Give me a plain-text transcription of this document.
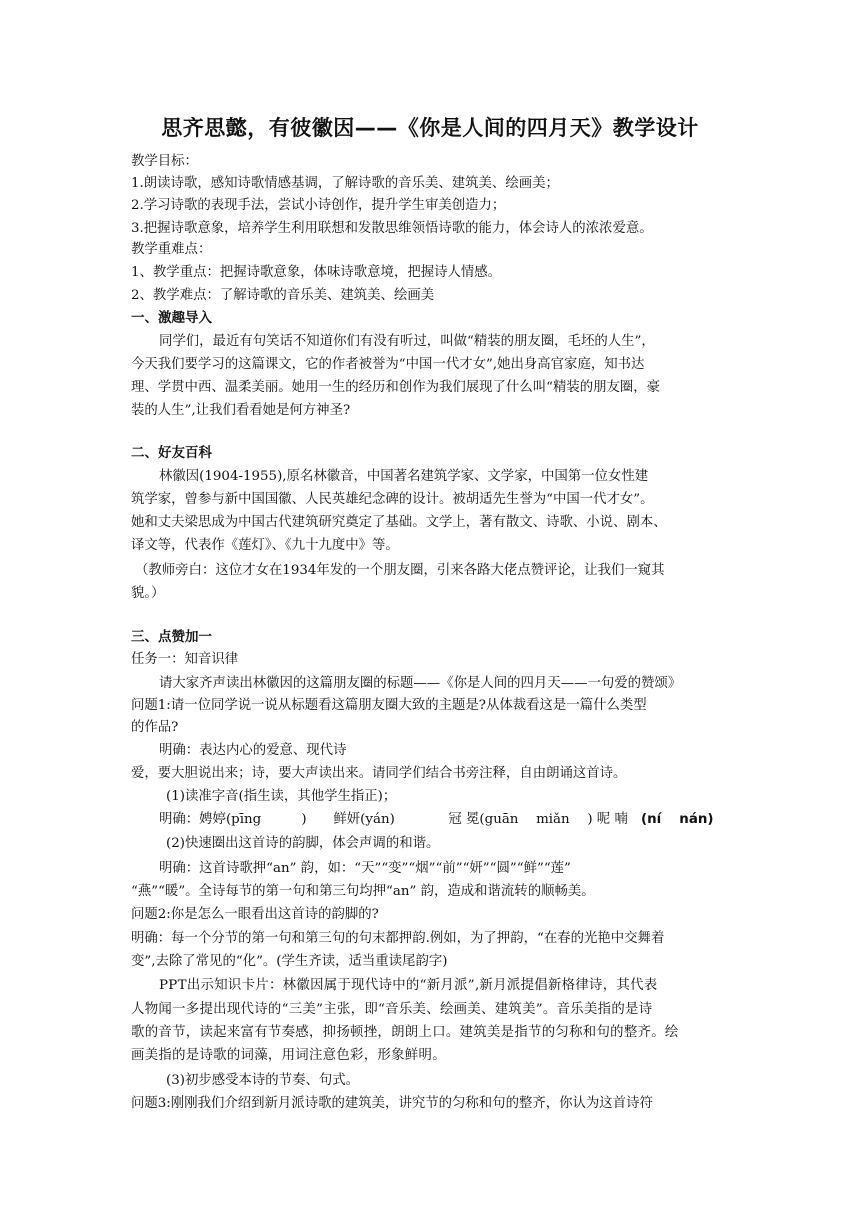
思齐思懿，有彼徽因——《你是人间的四月天》教学设计
教学目标：
1.朗读诗歌，感知诗歌情感基调，了解诗歌的音乐美、建筑美、绘画美；
2.学习诗歌的表现手法，尝试小诗创作，提升学生审美创造力；
3.把握诗歌意象，培养学生利用联想和发散思维领悟诗歌的能力，体会诗人的浓浓爱意。
教学重难点：
1、教学重点：把握诗歌意象，体味诗歌意境，把握诗人情感。
2、教学难点：了解诗歌的音乐美、建筑美、绘画美
一、激趣导入
同学们，最近有句笑话不知道你们有没有听过，叫做“精装的朋友圈，毛坯的人生”，
今天我们要学习的这篇课文，它的作者被誉为“中国一代才女”,她出身高官家庭，知书达
理、学贯中西、温柔美丽。她用一生的经历和创作为我们展现了什么叫“精装的朋友圈，豪
装的人生”,让我们看看她是何方神圣?
二、好友百科
林徽因(1904-1955),原名林徽音，中国著名建筑学家、文学家，中国第一位女性建
筑学家，曾参与新中国国徽、人民英雄纪念碑的设计。被胡适先生誉为“中国一代才女”。
她和丈夫梁思成为中国古代建筑研究奠定了基础。文学上，著有散文、诗歌、小说、剧本、
译文等，代表作《莲灯》、《九十九度中》等。
（教师旁白：这位才女在1934年发的一个朋友圈，引来各路大佬点赞评论，让我们一窥其
貌。）
三、点赞加一
任务一：知音识律
请大家齐声读出林徽因的这篇朋友圈的标题——《你是人间的四月天——一句爱的赞颂》
问题1:请一位同学说一说从标题看这篇朋友圈大致的主题是?从体裁看这是一篇什么类型
的作品?
明确：表达内心的爱意、现代诗
爱，要大胆说出来；诗，要大声读出来。请同学们结合书旁注释，自由朗诵这首诗。
(1)读准字音(指生读，其他学生指正)；
明确：娉婷(pīng　　　)　　鲜妍(yán)　　　　冠 冕(guān　 miǎn　 ) 呢 喃 (ní　 nán)
(2)快速圈出这首诗的韵脚，体会声调的和谐。
明确：这首诗歌押“an” 韵，如：“天”“变”“烟”“前”“妍”“圆”“鲜”“莲”
“燕”“暖”。全诗每节的第一句和第三句均押“an” 韵，造成和谐流转的顺畅美。
问题2:你是怎么一眼看出这首诗的韵脚的?
明确：每一个分节的第一句和第三句的句末都押韵.例如，为了押韵，“在春的光艳中交舞着
变”,去除了常见的“化”。(学生齐读，适当重读尾韵字)
PPT出示知识卡片：林徽因属于现代诗中的“新月派”,新月派提倡新格律诗，其代表
人物闻一多提出现代诗的“三美”主张，即“音乐美、绘画美、建筑美”。音乐美指的是诗
歌的音节，读起来富有节奏感，抑扬顿挫，朗朗上口。建筑美是指节的匀称和句的整齐。绘
画美指的是诗歌的词藻，用词注意色彩，形象鲜明。
(3)初步感受本诗的节奏、句式。
问题3:刚刚我们介绍到新月派诗歌的建筑美，讲究节的匀称和句的整齐，你认为这首诗符
